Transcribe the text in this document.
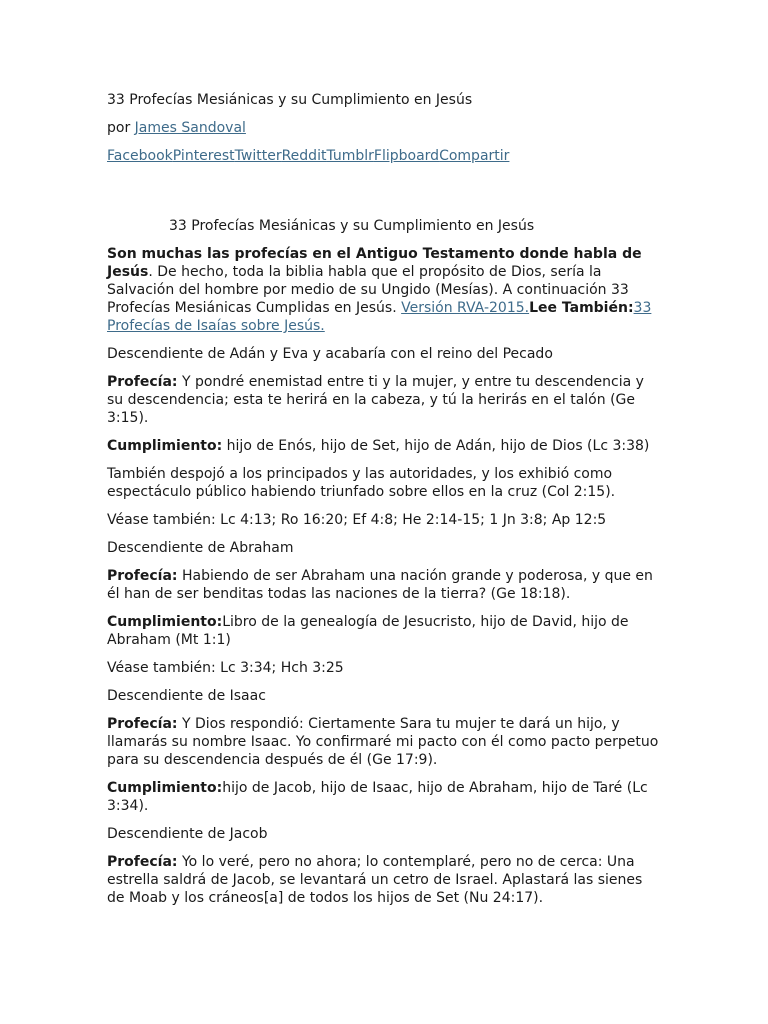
33 Profecías Mesiánicas y su Cumplimiento en Jesús

por James Sandoval

FacebookPinterestTwitterRedditTumblrFlipboardCompartir

33 Profecías Mesiánicas y su Cumplimiento en Jesús

Son muchas las profecías en el Antiguo Testamento donde habla de Jesús. De hecho, toda la biblia habla que el propósito de Dios, sería la Salvación del hombre por medio de su Ungido (Mesías). A continuación 33 Profecías Mesiánicas Cumplidas en Jesús. Versión RVA-2015.Lee También:33 Profecías de Isaías sobre Jesús.

Descendiente de Adán y Eva y acabaría con el reino del Pecado

Profecía: Y pondré enemistad entre ti y la mujer, y entre tu descendencia y su descendencia; esta te herirá en la cabeza, y tú la herirás en el talón (Ge 3:15).

Cumplimiento: hijo de Enós, hijo de Set, hijo de Adán, hijo de Dios (Lc 3:38)

También despojó a los principados y las autoridades, y los exhibió como espectáculo público habiendo triunfado sobre ellos en la cruz (Col 2:15).

Véase también: Lc 4:13; Ro 16:20; Ef 4:8; He 2:14-15; 1 Jn 3:8; Ap 12:5

Descendiente de Abraham

Profecía: Habiendo de ser Abraham una nación grande y poderosa, y que en él han de ser benditas todas las naciones de la tierra? (Ge 18:18).

Cumplimiento:Libro de la genealogía de Jesucristo, hijo de David, hijo de Abraham (Mt 1:1)

Véase también: Lc 3:34; Hch 3:25

Descendiente de Isaac

Profecía: Y Dios respondió: Ciertamente Sara tu mujer te dará un hijo, y llamarás su nombre Isaac. Yo confirmaré mi pacto con él como pacto perpetuo para su descendencia después de él (Ge 17:9).

Cumplimiento:hijo de Jacob, hijo de Isaac, hijo de Abraham, hijo de Taré (Lc 3:34).

Descendiente de Jacob

Profecía: Yo lo veré, pero no ahora; lo contemplaré, pero no de cerca: Una estrella saldrá de Jacob, se levantará un cetro de Israel. Aplastará las sienes de Moab y los cráneos[a] de todos los hijos de Set (Nu 24:17).
